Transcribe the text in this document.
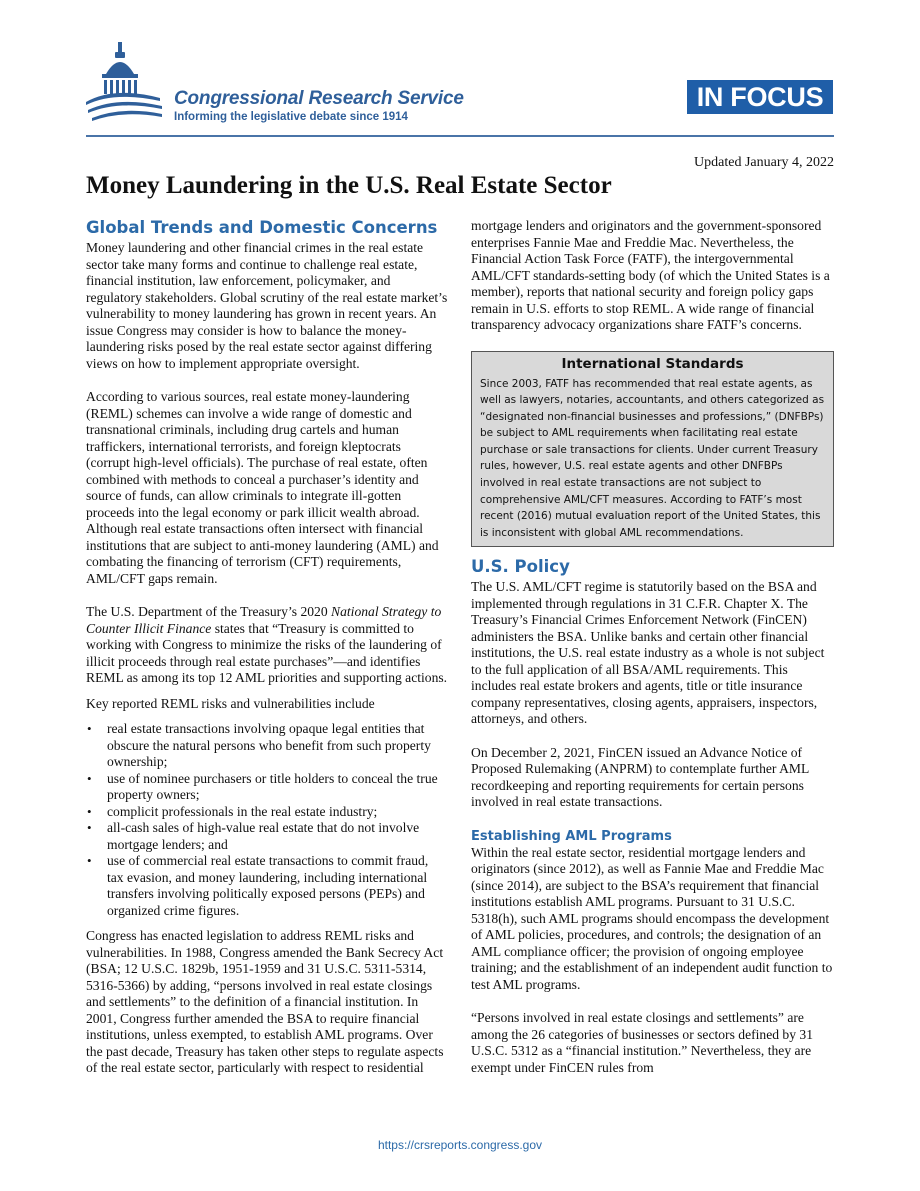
Congressional Research Service
Informing the legislative debate since 1914
IN FOCUS
Updated January 4, 2022
Money Laundering in the U.S. Real Estate Sector
Global Trends and Domestic Concerns

Money laundering and other financial crimes in the real estate sector take many forms and continue to challenge real estate, financial institution, law enforcement, policymaker, and regulatory stakeholders. Global scrutiny of the real estate market’s vulnerability to money laundering has grown in recent years. An issue Congress may consider is how to balance the money-laundering risks posed by the real estate sector against differing views on how to implement appropriate oversight.

According to various sources, real estate money-laundering (REML) schemes can involve a wide range of domestic and transnational criminals, including drug cartels and human traffickers, international terrorists, and foreign kleptocrats (corrupt high-level officials). The purchase of real estate, often combined with methods to conceal a purchaser’s identity and source of funds, can allow criminals to integrate ill-gotten proceeds into the legal economy or park illicit wealth abroad. Although real estate transactions often intersect with financial institutions that are subject to anti-money laundering (AML) and combating the financing of terrorism (CFT) requirements, AML/CFT gaps remain.

The U.S. Department of the Treasury’s 2020 National Strategy to Counter Illicit Finance states that “Treasury is committed to working with Congress to minimize the risks of the laundering of illicit proceeds through real estate purchases”—and identifies REML as among its top 12 AML priorities and supporting actions.

Key reported REML risks and vulnerabilities include

• real estate transactions involving opaque legal entities that obscure the natural persons who benefit from such property ownership;
• use of nominee purchasers or title holders to conceal the true property owners;
• complicit professionals in the real estate industry;
• all-cash sales of high-value real estate that do not involve mortgage lenders; and
• use of commercial real estate transactions to commit fraud, tax evasion, and money laundering, including international transfers involving politically exposed persons (PEPs) and organized crime figures.

Congress has enacted legislation to address REML risks and vulnerabilities. In 1988, Congress amended the Bank Secrecy Act (BSA; 12 U.S.C. 1829b, 1951-1959 and 31 U.S.C. 5311-5314, 5316-5366) by adding, “persons involved in real estate closings and settlements” to the definition of a financial institution. In 2001, Congress further amended the BSA to require financial institutions, unless exempted, to establish AML programs. Over the past decade, Treasury has taken other steps to regulate aspects of the real estate sector, particularly with respect to residential

mortgage lenders and originators and the government-sponsored enterprises Fannie Mae and Freddie Mac. Nevertheless, the Financial Action Task Force (FATF), the intergovernmental AML/CFT standards-setting body (of which the United States is a member), reports that national security and foreign policy gaps remain in U.S. efforts to stop REML. A wide range of financial transparency advocacy organizations share FATF’s concerns.

International Standards
Since 2003, FATF has recommended that real estate agents, as well as lawyers, notaries, accountants, and others categorized as “designated non-financial businesses and professions,” (DNFBPs) be subject to AML requirements when facilitating real estate purchase or sale transactions for clients. Under current Treasury rules, however, U.S. real estate agents and other DNFBPs involved in real estate transactions are not subject to comprehensive AML/CFT measures. According to FATF’s most recent (2016) mutual evaluation report of the United States, this is inconsistent with global AML recommendations.
U.S. Policy

The U.S. AML/CFT regime is statutorily based on the BSA and implemented through regulations in 31 C.F.R. Chapter X. The Treasury’s Financial Crimes Enforcement Network (FinCEN) administers the BSA. Unlike banks and certain other financial institutions, the U.S. real estate industry as a whole is not subject to the full application of all BSA/AML requirements. This includes real estate brokers and agents, title or title insurance company representatives, closing agents, appraisers, inspectors, attorneys, and others.

On December 2, 2021, FinCEN issued an Advance Notice of Proposed Rulemaking (ANPRM) to contemplate further AML recordkeeping and reporting requirements for certain persons involved in real estate transactions.

Establishing AML Programs

Within the real estate sector, residential mortgage lenders and originators (since 2012), as well as Fannie Mae and Freddie Mac (since 2014), are subject to the BSA’s requirement that financial institutions establish AML programs. Pursuant to 31 U.S.C. 5318(h), such AML programs should encompass the development of AML policies, procedures, and controls; the designation of an AML compliance officer; the provision of ongoing employee training; and the establishment of an independent audit function to test AML programs.

“Persons involved in real estate closings and settlements” are among the 26 categories of businesses or sectors defined by 31 U.S.C. 5312 as a “financial institution.” Nevertheless, they are exempt under FinCEN rules from

https://crsreports.congress.gov
